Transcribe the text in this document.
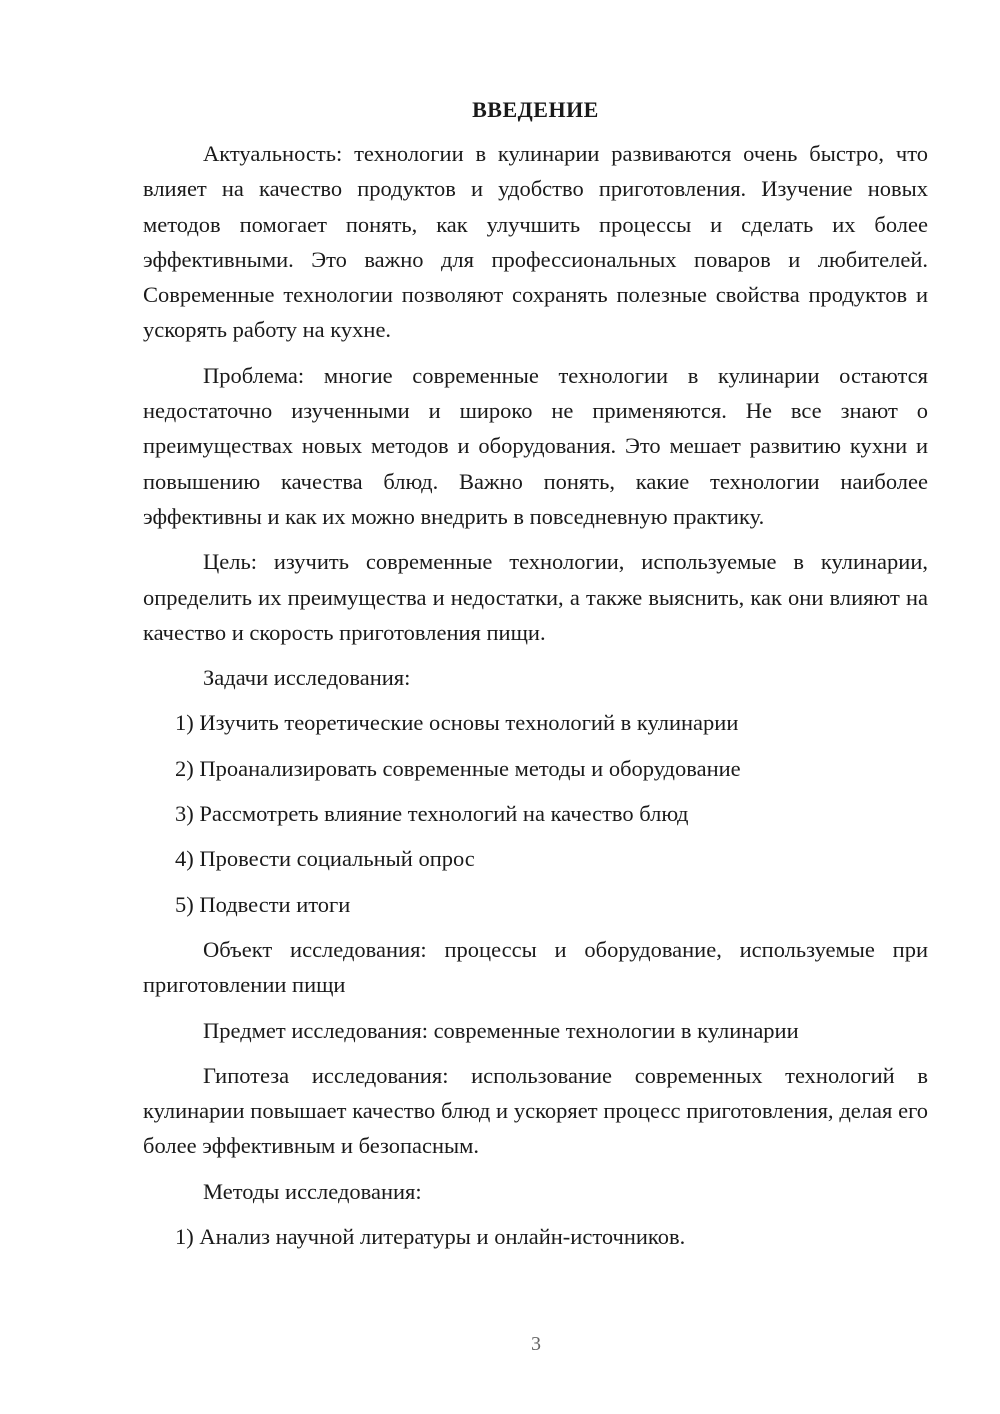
ВВЕДЕНИЕ

Актуальность: технологии в кулинарии развиваются очень быстро, что влияет на качество продуктов и удобство приготовления. Изучение новых методов помогает понять, как улучшить процессы и сделать их более эффективными. Это важно для профессиональных поваров и любителей. Современные технологии позволяют сохранять полезные свойства продуктов и ускорять работу на кухне.

Проблема: многие современные технологии в кулинарии остаются недостаточно изученными и широко не применяются. Не все знают о преимуществах новых методов и оборудования. Это мешает развитию кухни и повышению качества блюд. Важно понять, какие технологии наиболее эффективны и как их можно внедрить в повседневную практику.

Цель: изучить современные технологии, используемые в кулинарии, определить их преимущества и недостатки, а также выяснить, как они влияют на качество и скорость приготовления пищи.

Задачи исследования:

1) Изучить теоретические основы технологий в кулинарии

2) Проанализировать современные методы и оборудование

3) Рассмотреть влияние технологий на качество блюд

4) Провести социальный опрос

5) Подвести итоги

Объект исследования: процессы и оборудование, используемые при приготовлении пищи

Предмет исследования: современные технологии в кулинарии

Гипотеза исследования: использование современных технологий в кулинарии повышает качество блюд и ускоряет процесс приготовления, делая его более эффективным и безопасным.

Методы исследования:

1) Анализ научной литературы и онлайн-источников.

3
